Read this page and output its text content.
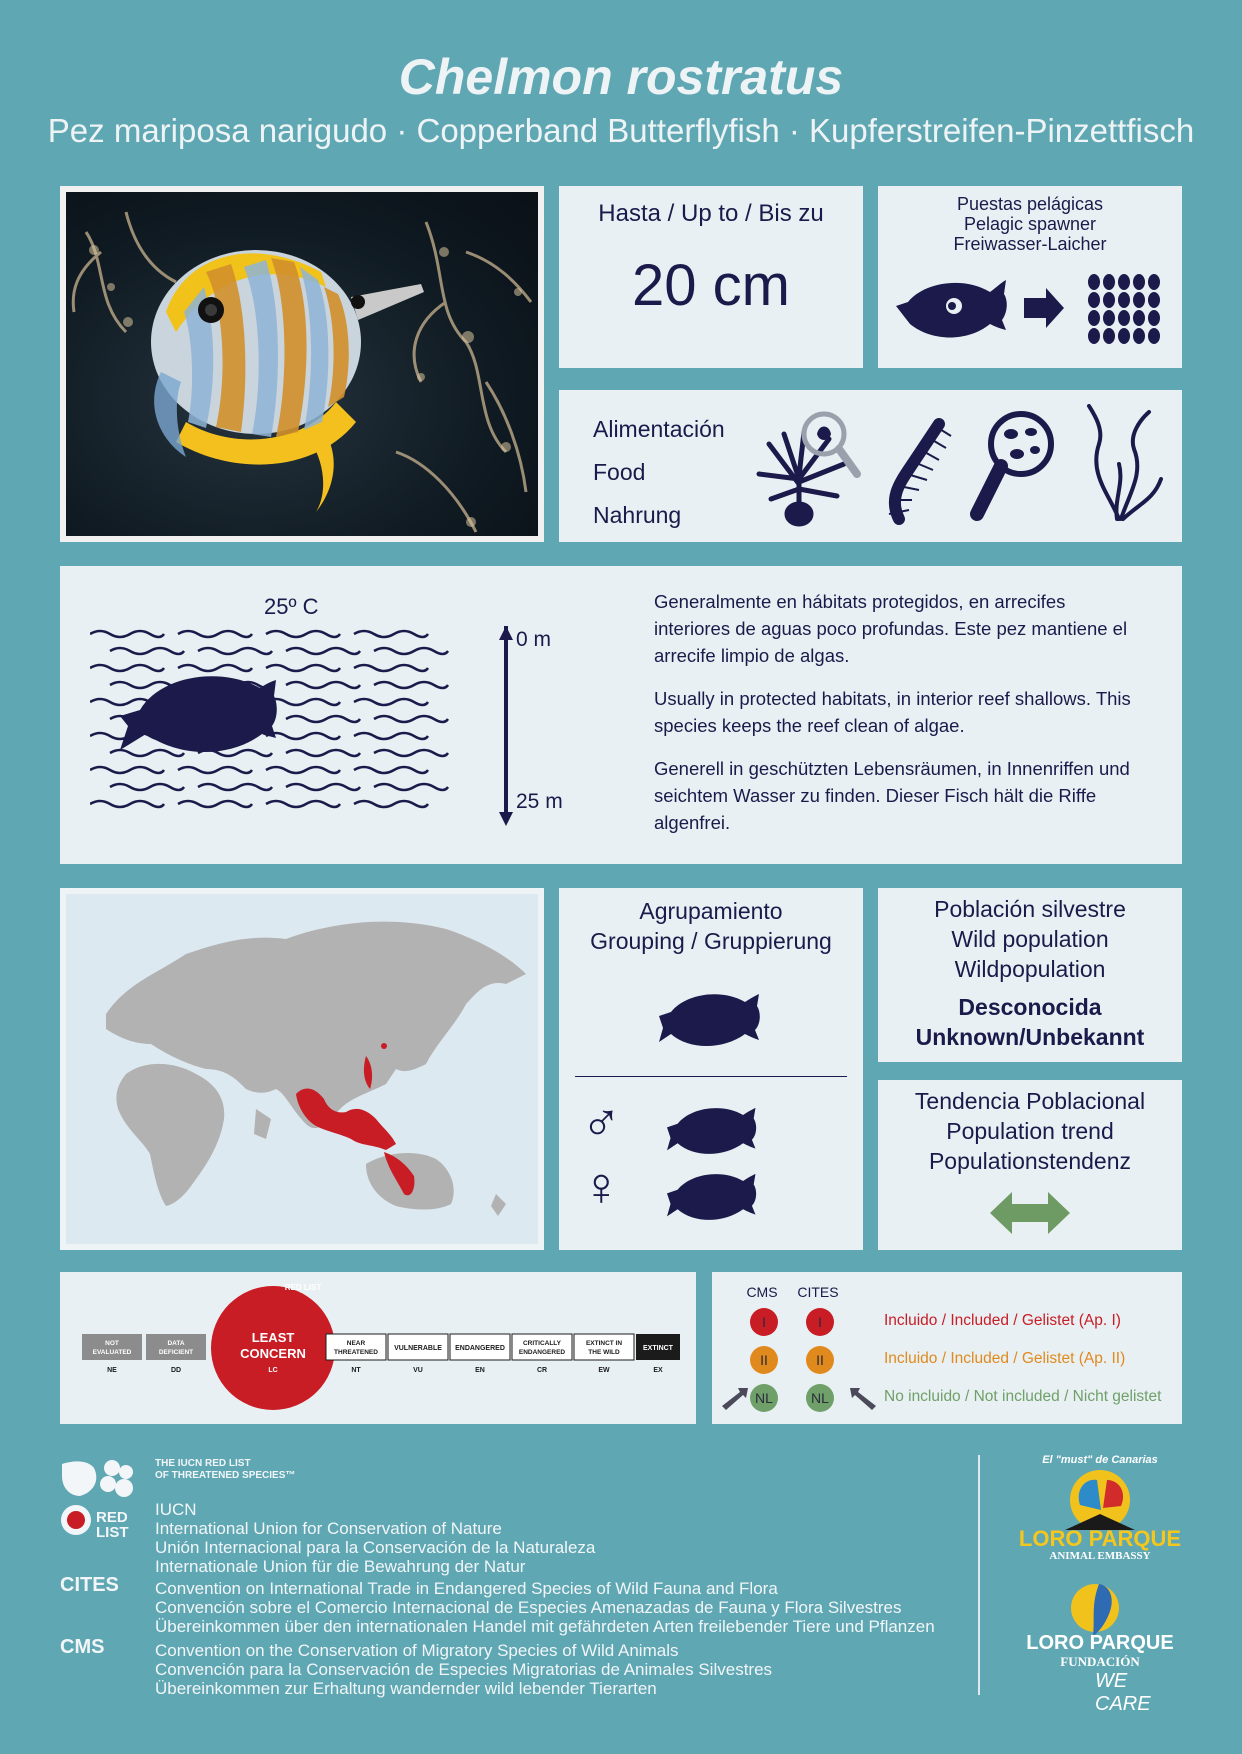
Chelmon rostratus
Pez mariposa narigudo · Copperband Butterflyfish · Kupferstreifen-Pinzettfisch
Hasta / Up to / Bis zu
20 cm
Puestas pelágicas
Pelagic spawner
Freiwasser-Laicher
Alimentación
Food
Nahrung
25º C
0 m
25 m

Generalmente en hábitats protegidos, en arrecifes interiores de aguas poco profundas. Este pez mantiene el arrecife limpio de algas.

Usually in protected habitats, in interior reef shallows. This species keeps the reef clean of algae.

Generell in geschützten Lebensräumen, in Innenriffen und seichtem Wasser zu finden. Dieser Fisch hält die Riffe algenfrei.

Agrupamiento
Grouping / Gruppierung
♂
♀
Población silvestre
Wild population
Wildpopulation
Desconocida
Unknown/Unbekannt
Tendencia Poblacional
Population trend
Populationstendenz
NOT
EVALUATED
NE
DATA
DEFICIENT
DD
LEAST
CONCERN
LC
RED LIST
NEAR
THREATENED
NT
VULNERABLE
VU
ENDANGERED
EN
CRITICALLY
ENDANGERED
CR
EXTINCT IN
THE WILD
EW
EXTINCT
EX
CMS	CITES
I	I	Incluido / Included / Gelistet (Ap. I)
II	II	Incluido / Included / Gelistet (Ap. II)
NL	NL	No incluido / Not included / Nicht gelistet
RED LIST
THE IUCN RED LIST
OF THREATENED SPECIES™
IUCN
International Union for Conservation of Nature
Unión Internacional para la Conservación de la Naturaleza
Internationale Union für die Bewahrung der Natur
CITES Convention on International Trade in Endangered Species of Wild Fauna and Flora
Convención sobre el Comercio Internacional de Especies Amenazadas de Fauna y Flora Silvestres
Übereinkommen über den internationalen Handel mit gefährdeten Arten freilebender Tiere und Pflanzen
CMS	Convention on the Conservation of Migratory Species of Wild Animals
Convención para la Conservación de Especies Migratorias de Animales Silvestres
Übereinkommen zur Erhaltung wandernder wild lebender Tierarten
El "must" de Canarias
LORO PARQUE
ANIMAL EMBASSY
LORO PARQUE
FUNDACIÓN
WE CARE
